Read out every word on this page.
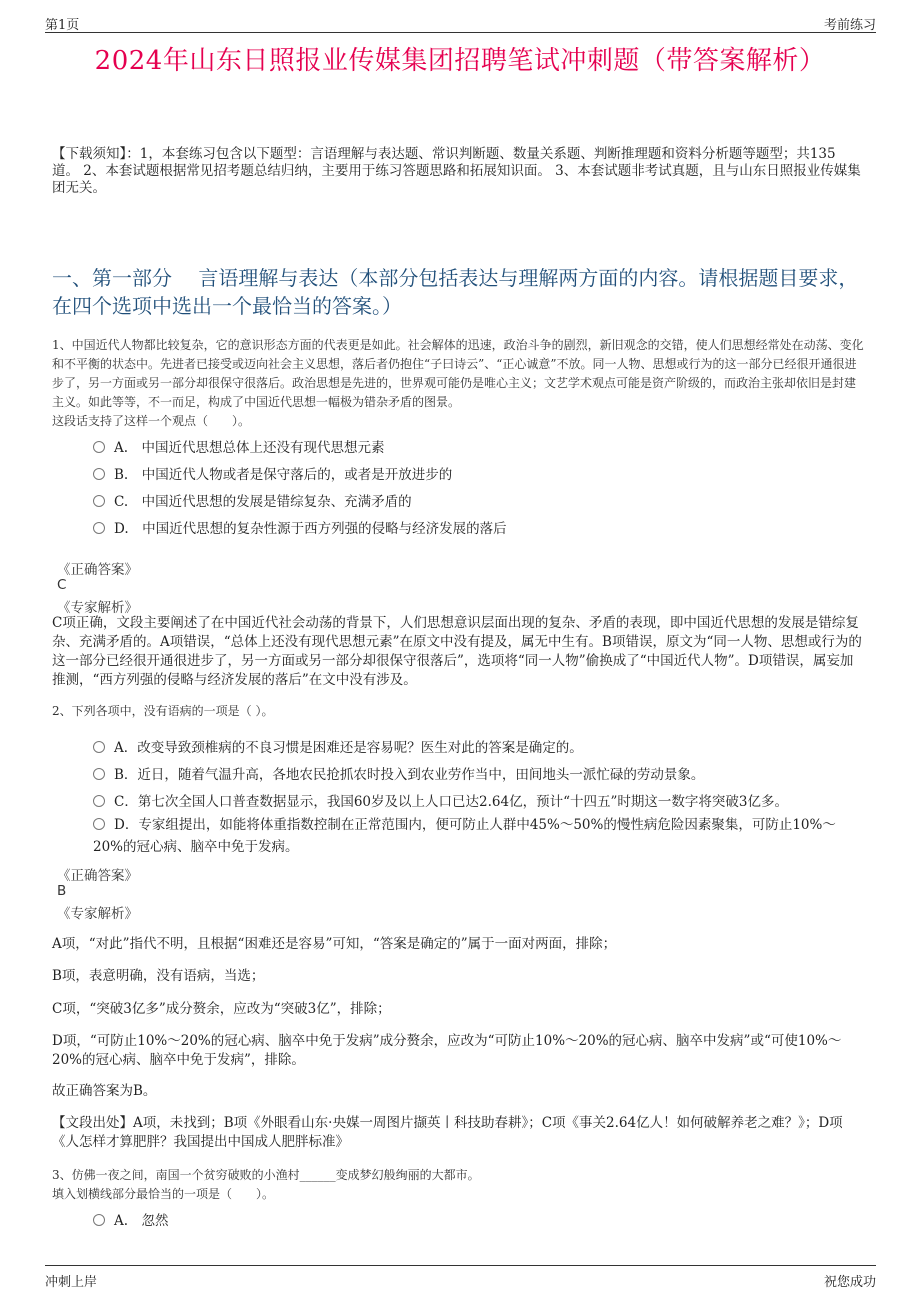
第1页	考前练习
2024年山东日照报业传媒集团招聘笔试冲刺题（带答案解析）
【下载须知】：1，本套练习包含以下题型：言语理解与表达题、常识判断题、数量关系题、判断推理题和资料分析题等题型；共135道。 2、本套试题根据常见招考题总结归纳，主要用于练习答题思路和拓展知识面。 3、本套试题非考试真题，且与山东日照报业传媒集团无关。
一、第一部分　 言语理解与表达（本部分包括表达与理解两方面的内容。请根据题目要求，在四个选项中选出一个最恰当的答案。）
1、中国近代人物都比较复杂，它的意识形态方面的代表更是如此。社会解体的迅速，政治斗争的剧烈，新旧观念的交错，使人们思想经常处在动荡、变化和不平衡的状态中。先进者已接受或迈向社会主义思想，落后者仍抱住“子曰诗云”、“正心诚意”不放。同一人物、思想或行为的这一部分已经很开通很进步了，另一方面或另一部分却很保守很落后。政治思想是先进的，世界观可能仍是唯心主义；文艺学术观点可能是资产阶级的，而政治主张却依旧是封建主义。如此等等，不一而足，构成了中国近代思想一幅极为错杂矛盾的图景。
这段话支持了这样一个观点（　　）。
A.　中国近代思想总体上还没有现代思想元素
B.　中国近代人物或者是保守落后的，或者是开放进步的
C.　中国近代思想的发展是错综复杂、充满矛盾的
D.　中国近代思想的复杂性源于西方列强的侵略与经济发展的落后
《正确答案》
C
《专家解析》
C项正确，文段主要阐述了在中国近代社会动荡的背景下，人们思想意识层面出现的复杂、矛盾的表现，即中国近代思想的发展是错综复杂、充满矛盾的。A项错误，“总体上还没有现代思想元素”在原文中没有提及，属无中生有。B项错误，原文为“同一人物、思想或行为的这一部分已经很开通很进步了，另一方面或另一部分却很保守很落后”，选项将“同一人物”偷换成了“中国近代人物”。D项错误，属妄加推测，“西方列强的侵略与经济发展的落后”在文中没有涉及。
2、下列各项中，没有语病的一项是（ ）。
A．改变导致颈椎病的不良习惯是困难还是容易呢？医生对此的答案是确定的。
B．近日，随着气温升高，各地农民抢抓农时投入到农业劳作当中，田间地头一派忙碌的劳动景象。
C．第七次全国人口普查数据显示，我国60岁及以上人口已达2.64亿，预计“十四五”时期这一数字将突破3亿多。
D．专家组提出，如能将体重指数控制在正常范围内，便可防止人群中45%～50%的慢性病危险因素聚集，可防止10%～20%的冠心病、脑卒中免于发病。
《正确答案》
B
《专家解析》
A项，“对此”指代不明，且根据“困难还是容易”可知，“答案是确定的”属于一面对两面，排除；
B项，表意明确，没有语病，当选；
C项，“突破3亿多”成分赘余，应改为“突破3亿”，排除；
D项，“可防止10%～20%的冠心病、脑卒中免于发病”成分赘余，应改为“可防止10%～20%的冠心病、脑卒中发病”或“可使10%～20%的冠心病、脑卒中免于发病”，排除。
故正确答案为B。
【文段出处】A项，未找到；B项《外眼看山东·央媒一周图片撷英丨科技助春耕》；C项《事关2.64亿人！如何破解养老之难？》；D项《人怎样才算肥胖？我国提出中国成人肥胖标准》
3、仿佛一夜之间，南国一个贫穷破败的小渔村______变成梦幻般绚丽的大都市。
填入划横线部分最恰当的一项是（　　）。
A.　忽然
冲刺上岸	祝您成功
